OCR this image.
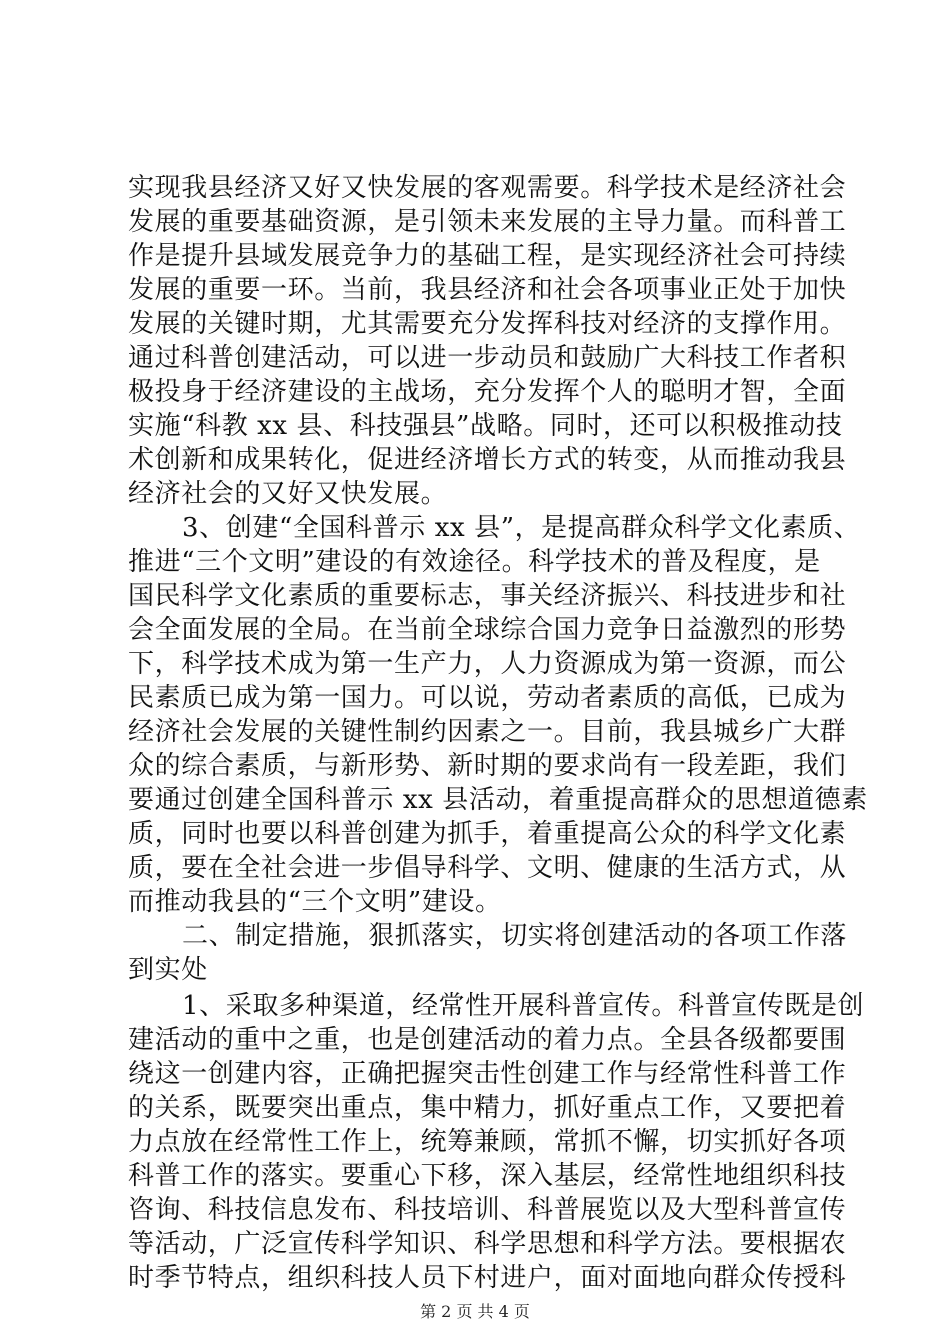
实现我县经济又好又快发展的客观需要。科学技术是经济社会
发展的重要基础资源，是引领未来发展的主导力量。而科普工
作是提升县域发展竞争力的基础工程，是实现经济社会可持续
发展的重要一环。当前，我县经济和社会各项事业正处于加快
发展的关键时期，尤其需要充分发挥科技对经济的支撑作用。
通过科普创建活动，可以进一步动员和鼓励广大科技工作者积
极投身于经济建设的主战场，充分发挥个人的聪明才智，全面
实施“科教 xx 县、科技强县”战略。同时，还可以积极推动技
术创新和成果转化，促进经济增长方式的转变，从而推动我县
经济社会的又好又快发展。
3、创建“全国科普示 xx 县”，是提高群众科学文化素质、
推进“三个文明”建设的有效途径。科学技术的普及程度，是
国民科学文化素质的重要标志，事关经济振兴、科技进步和社
会全面发展的全局。在当前全球综合国力竞争日益激烈的形势
下，科学技术成为第一生产力，人力资源成为第一资源，而公
民素质已成为第一国力。可以说，劳动者素质的高低，已成为
经济社会发展的关键性制约因素之一。目前，我县城乡广大群
众的综合素质，与新形势、新时期的要求尚有一段差距，我们
要通过创建全国科普示 xx 县活动，着重提高群众的思想道德素
质，同时也要以科普创建为抓手，着重提高公众的科学文化素
质，要在全社会进一步倡导科学、文明、健康的生活方式，从
而推动我县的“三个文明”建设。
二、制定措施，狠抓落实，切实将创建活动的各项工作落
到实处
1、采取多种渠道，经常性开展科普宣传。科普宣传既是创
建活动的重中之重，也是创建活动的着力点。全县各级都要围
绕这一创建内容，正确把握突击性创建工作与经常性科普工作
的关系，既要突出重点，集中精力，抓好重点工作，又要把着
力点放在经常性工作上，统筹兼顾，常抓不懈，切实抓好各项
科普工作的落实。要重心下移，深入基层，经常性地组织科技
咨询、科技信息发布、科技培训、科普展览以及大型科普宣传
等活动，广泛宣传科学知识、科学思想和科学方法。要根据农
时季节特点，组织科技人员下村进户，面对面地向群众传授科
第 2 页 共 4 页
